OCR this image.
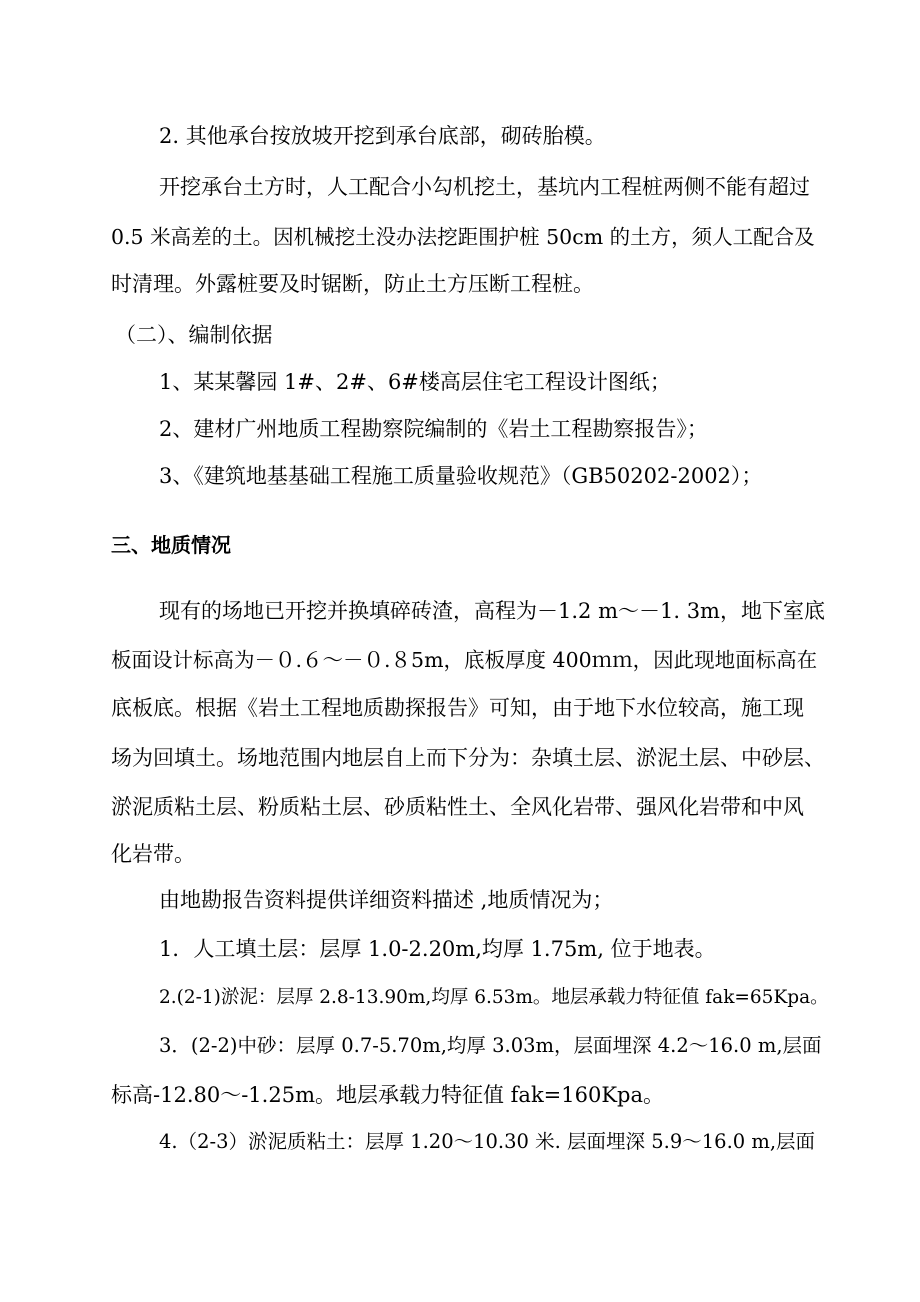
2. 其他承台按放坡开挖到承台底部，砌砖胎模。
开挖承台土方时，人工配合小勾机挖土，基坑内工程桩两侧不能有超过
0.5 米高差的土。因机械挖土没办法挖距围护桩 50cm 的土方，须人工配合及
时清理。外露桩要及时锯断，防止土方压断工程桩。
（二）、编制依据
1、某某馨园 1#、2#、6#楼高层住宅工程设计图纸；
2、建材广州地质工程勘察院编制的《岩土工程勘察报告》；
3、《建筑地基基础工程施工质量验收规范》（GB50202-2002）；
三、地质情况
现有的场地已开挖并换填碎砖渣，高程为－1.2 m～－1. 3m，地下室底
板面设计标高为－０.６～－０.８5m，底板厚度 400ｍｍ，因此现地面标高在
底板底。根据《岩土工程地质勘探报告》可知，由于地下水位较高，施工现
场为回填土。场地范围内地层自上而下分为：杂填土层、淤泥土层、中砂层、
淤泥质粘土层、粉质粘土层、砂质粘性土、全风化岩带、强风化岩带和中风
化岩带。
由地勘报告资料提供详细资料描述 ,地质情况为；
1．人工填土层：层厚 1.0-2.20m,均厚 1.75m, 位于地表。
2.(2-1)淤泥：层厚 2.8-13.90m,均厚 6.53m。地层承载力特征值 fak=65Kpa。
3．(2-2)中砂：层厚 0.7-5.70m,均厚 3.03m，层面埋深 4.2～16.0 m,层面
标高-12.80～-1.25m。地层承载力特征值 fak=160Kpa。
4.（2-3）淤泥质粘土：层厚 1.20～10.30 米. 层面埋深 5.9～16.0 m,层面
